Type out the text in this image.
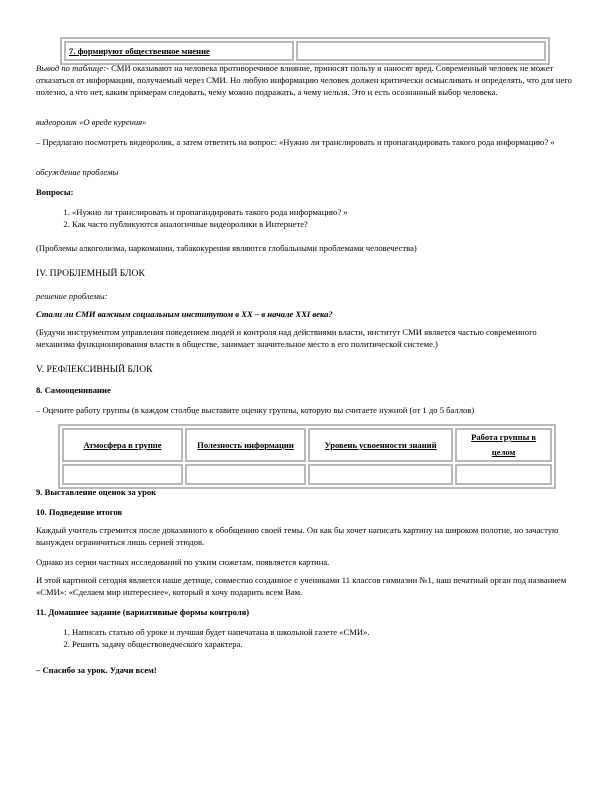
7. формируют общественное мнение	
Вывод по таблице:- СМИ оказывают на человека противоречивое влияние, приносят пользу и наносят вред. Современный человек не может отказаться от информации, получаемый через СМИ. Но любую информацию человек должен критически осмысливать и определять, что для него полезно, а что нет, каким примерам следовать, чему можно подражать, а чему нельзя. Это и есть осознанный выбор человека.

видеоролик «О вреде курения»

– Предлагаю посмотреть видеоролик, а затем ответить на вопрос: «Нужно ли транслировать и пропагандировать такого рода информацию? »

обсуждение проблемы

Вопросы:

1. «Нужно ли транслировать и пропагандировать такого рода информацию? »
2. Как часто публикуются аналогичные видеоролики в Интернете?

(Проблемы алкоголизма, наркомании, табакокурения являются глобальными проблемами человечества)

IV. ПРОБЛЕМНЫЙ БЛОК

решение проблемы:

Стали ли СМИ важным социальным институтом в XX – в начале XXI века?

(Будучи инструментом управления поведением людей и контроля над действиями власти, институт СМИ является частью современного механизма функционирования власти в обществе, занимает значительное место в его политической системе.)

V. РЕФЛЕКСИВНЫЙ БЛОК

8. Самооценивание

– Оцените работу группы (в каждом столбце выставите оценку группы, которую вы считаете нужной (от 1 до 5 баллов)

Атмосфера в группе	Полезность информации	Уровень усвоенности знаний	Работа группы в целом

9. Выставление оценок за урок

10. Подведение итогов

Каждый учитель стремится после доказанного к обобщению своей темы. Он как бы хочет написать картину на широком полотне, но зачастую вынужден ограничиться лишь серией этюдов.

Однако из серии частных исследований по узким сюжетам, появляется картина.

И этой картиной сегодня является наше детище, совместно созданное с учениками 11 классов гимназии №1, наш печатный орган под названием «СМИ»: «Сделаем мир интереснее», который я хочу подарить всем Вам.

11. Домашнее задание (вариативные формы контроля)

1. Написать статью об уроке и лучшая будет напечатана в школьной газете «СМИ».
2. Решить задачу обществоведческого характера.

– Спасибо за урок. Удачи всем!
